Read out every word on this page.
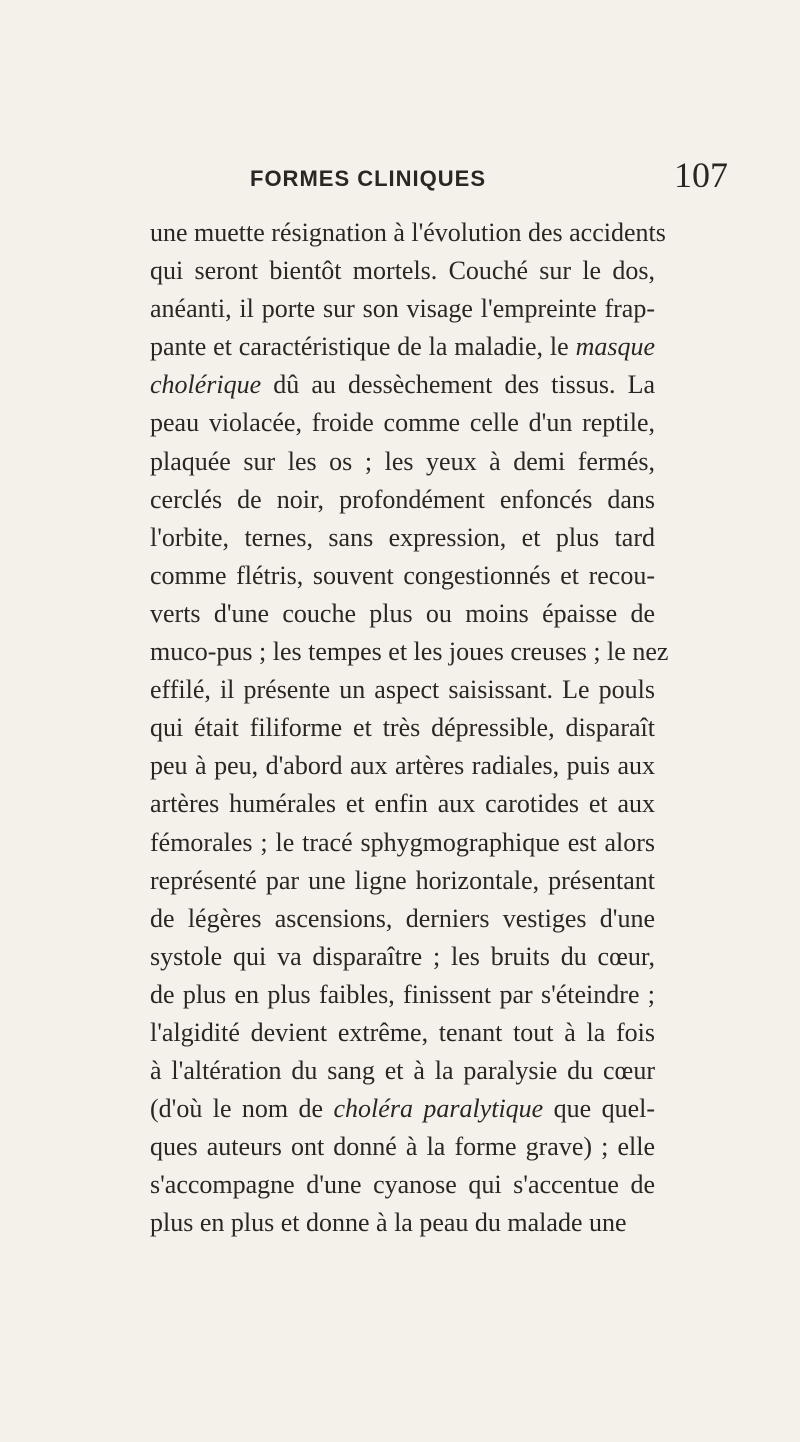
FORMES CLINIQUES	107
une muette résignation à l'évolution des accidents
qui seront bientôt mortels. Couché sur le dos,
anéanti, il porte sur son visage l'empreinte frap-
pante et caractéristique de la maladie, le masque
cholérique dû au dessèchement des tissus. La
peau violacée, froide comme celle d'un reptile,
plaquée sur les os ; les yeux à demi fermés,
cerclés de noir, profondément enfoncés dans
l'orbite, ternes, sans expression, et plus tard
comme flétris, souvent congestionnés et recou-
verts d'une couche plus ou moins épaisse de
muco-pus ; les tempes et les joues creuses ; le nez
effilé, il présente un aspect saisissant. Le pouls
qui était filiforme et très dépressible, disparaît
peu à peu, d'abord aux artères radiales, puis aux
artères humérales et enfin aux carotides et aux
fémorales ; le tracé sphygmographique est alors
représenté par une ligne horizontale, présentant
de légères ascensions, derniers vestiges d'une
systole qui va disparaître ; les bruits du cœur,
de plus en plus faibles, finissent par s'éteindre ;
l'algidité devient extrême, tenant tout à la fois
à l'altération du sang et à la paralysie du cœur
(d'où le nom de choléra paralytique que quel-
ques auteurs ont donné à la forme grave) ; elle
s'accompagne d'une cyanose qui s'accentue de
plus en plus et donne à la peau du malade une
